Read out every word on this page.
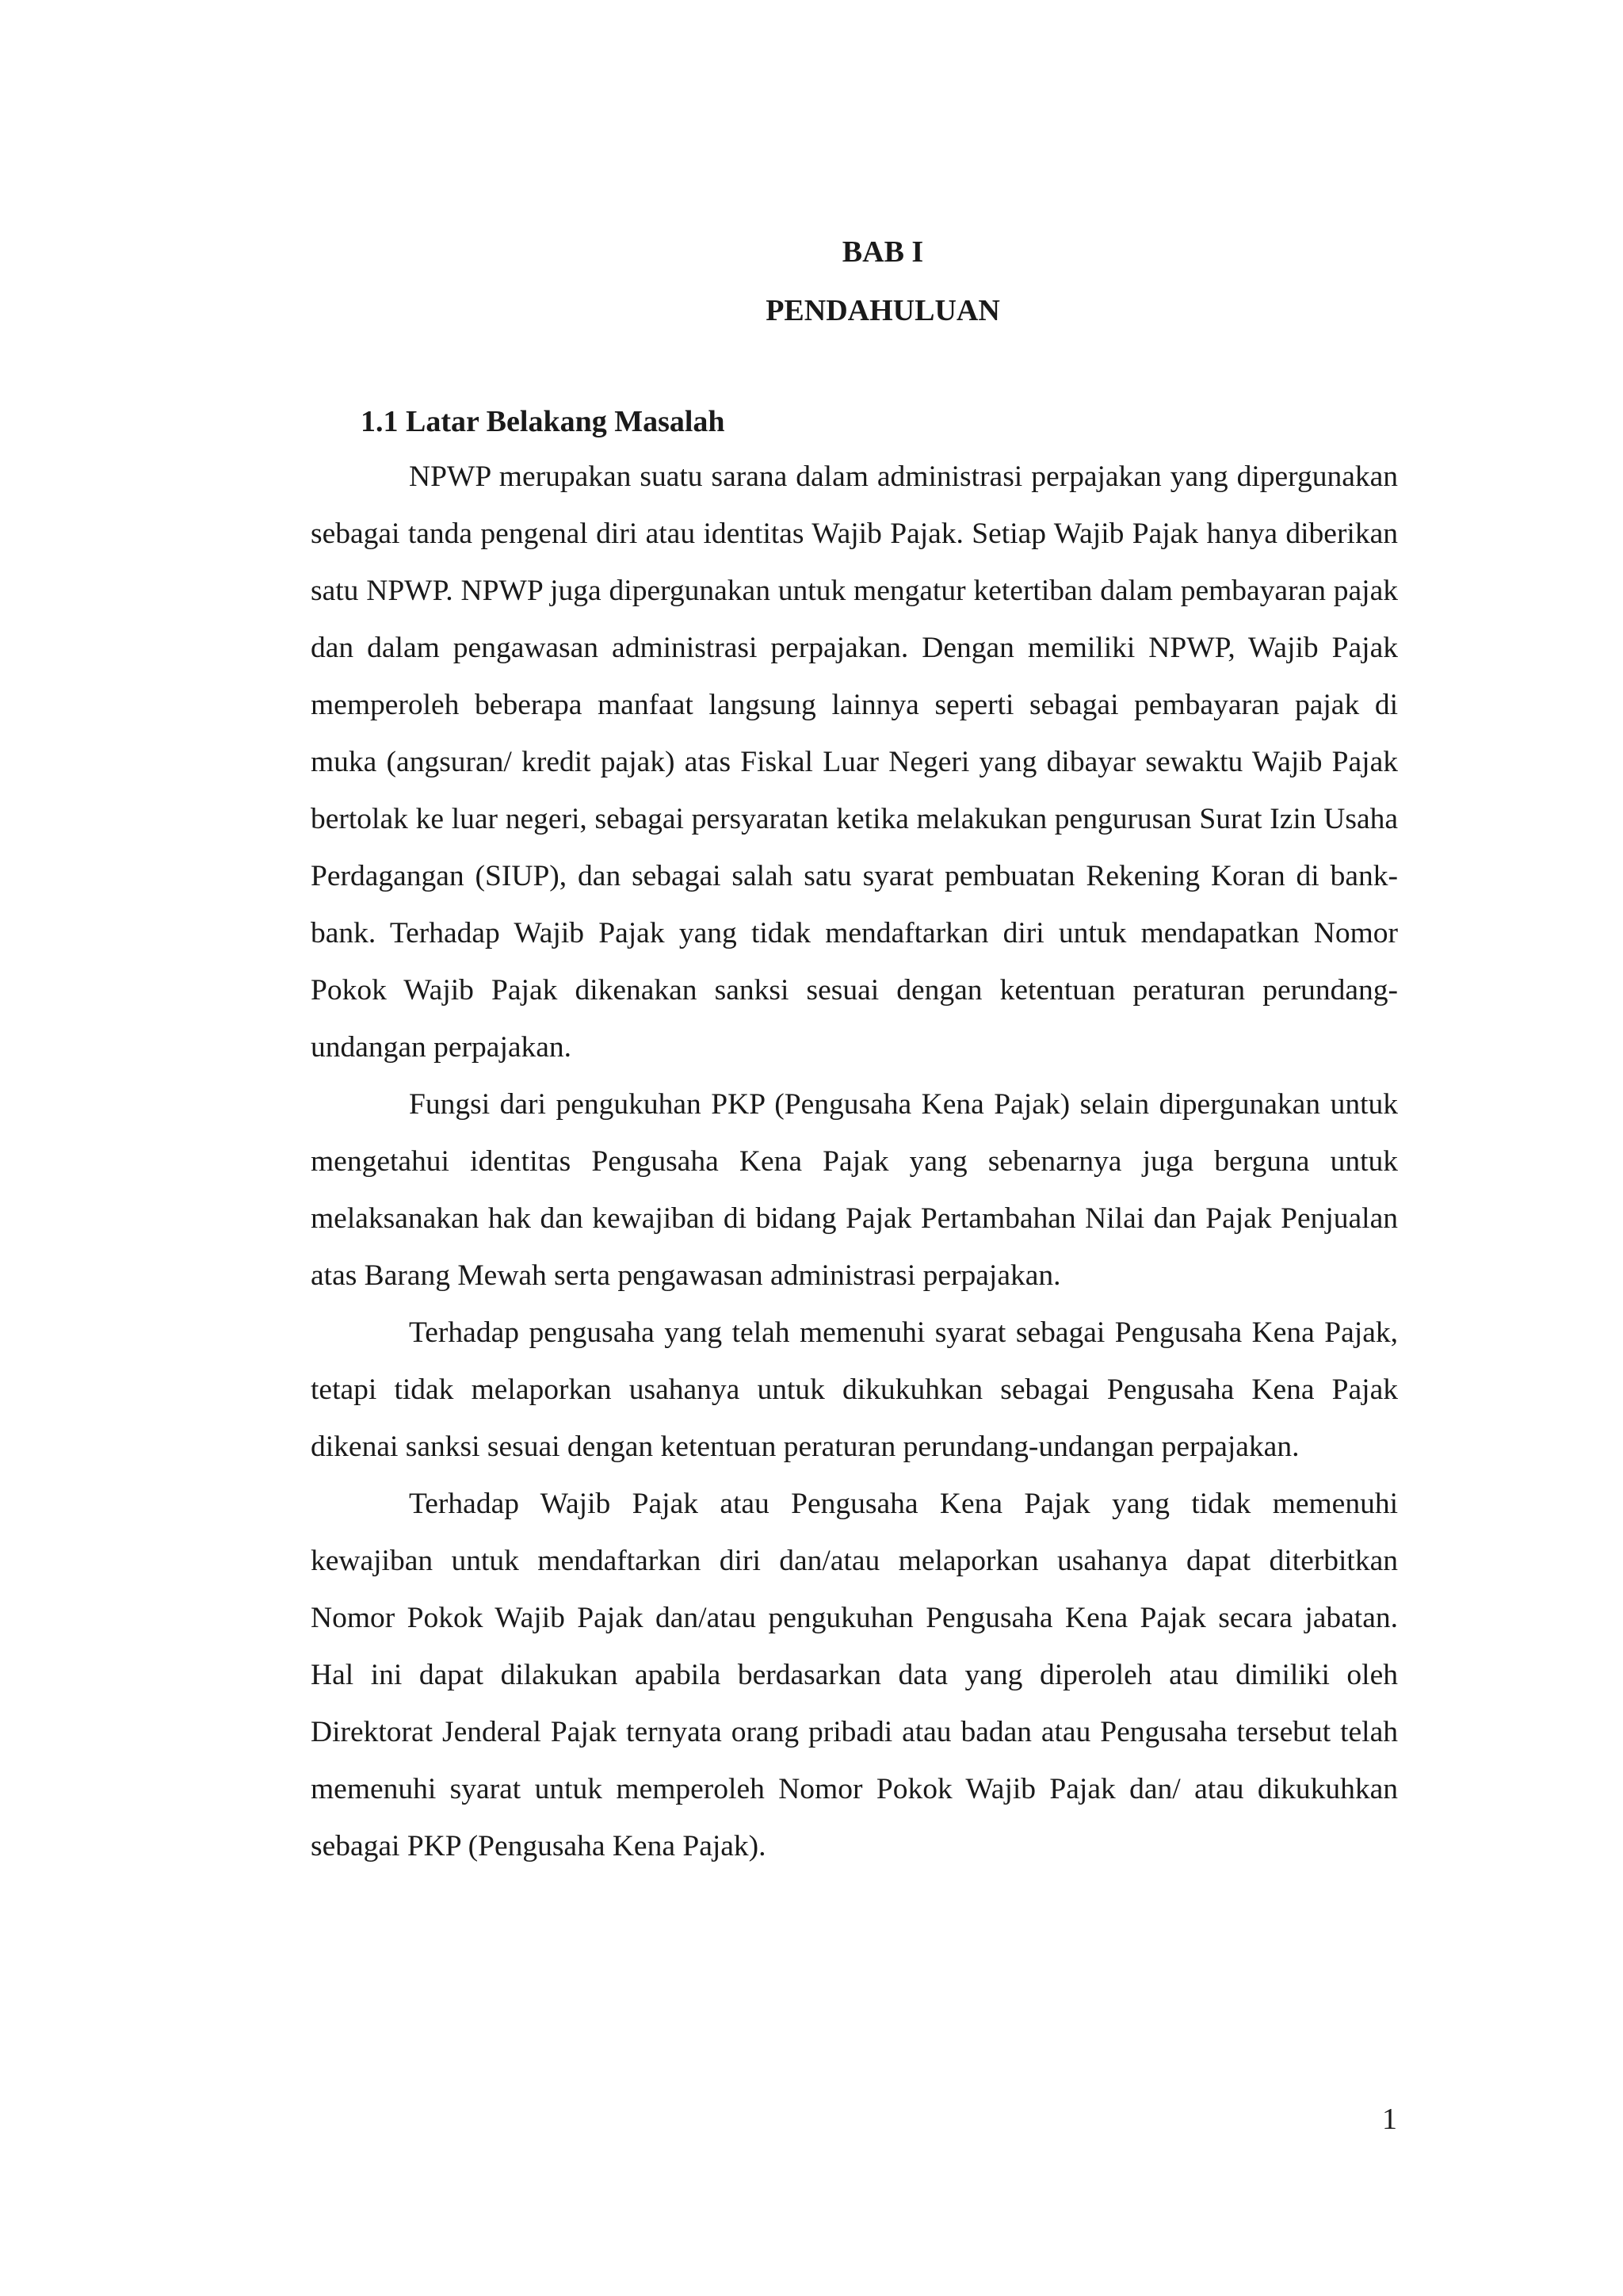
BAB I
PENDAHULUAN
1.1 Latar Belakang Masalah

NPWP merupakan suatu sarana dalam administrasi perpajakan yang dipergunakan sebagai tanda pengenal diri atau identitas Wajib Pajak. Setiap Wajib Pajak hanya diberikan satu NPWP. NPWP juga dipergunakan untuk mengatur ketertiban dalam pembayaran pajak dan dalam pengawasan administrasi perpajakan. Dengan memiliki NPWP, Wajib Pajak memperoleh beberapa manfaat langsung lainnya seperti sebagai pembayaran pajak di muka (angsuran/ kredit pajak) atas Fiskal Luar Negeri yang dibayar sewaktu Wajib Pajak bertolak ke luar negeri, sebagai persyaratan ketika melakukan pengurusan Surat Izin Usaha Perdagangan (SIUP), dan sebagai salah satu syarat pembuatan Rekening Koran di bank-bank. Terhadap Wajib Pajak yang tidak mendaftarkan diri untuk mendapatkan Nomor Pokok Wajib Pajak dikenakan sanksi sesuai dengan ketentuan peraturan perundang-undangan perpajakan.

Fungsi dari pengukuhan PKP (Pengusaha Kena Pajak) selain dipergunakan untuk mengetahui identitas Pengusaha Kena Pajak yang sebenarnya juga berguna untuk melaksanakan hak dan kewajiban di bidang Pajak Pertambahan Nilai dan Pajak Penjualan atas Barang Mewah serta pengawasan administrasi perpajakan.

Terhadap pengusaha yang telah memenuhi syarat sebagai Pengusaha Kena Pajak, tetapi tidak melaporkan usahanya untuk dikukuhkan sebagai Pengusaha Kena Pajak dikenai sanksi sesuai dengan ketentuan peraturan perundang-undangan perpajakan.

Terhadap Wajib Pajak atau Pengusaha Kena Pajak yang tidak memenuhi kewajiban untuk mendaftarkan diri dan/atau melaporkan usahanya dapat diterbitkan Nomor Pokok Wajib Pajak dan/atau pengukuhan Pengusaha Kena Pajak secara jabatan. Hal ini dapat dilakukan apabila berdasarkan data yang diperoleh atau dimiliki oleh Direktorat Jenderal Pajak ternyata orang pribadi atau badan atau Pengusaha tersebut telah memenuhi syarat untuk memperoleh Nomor Pokok Wajib Pajak dan/ atau dikukuhkan sebagai PKP (Pengusaha Kena Pajak).

1
